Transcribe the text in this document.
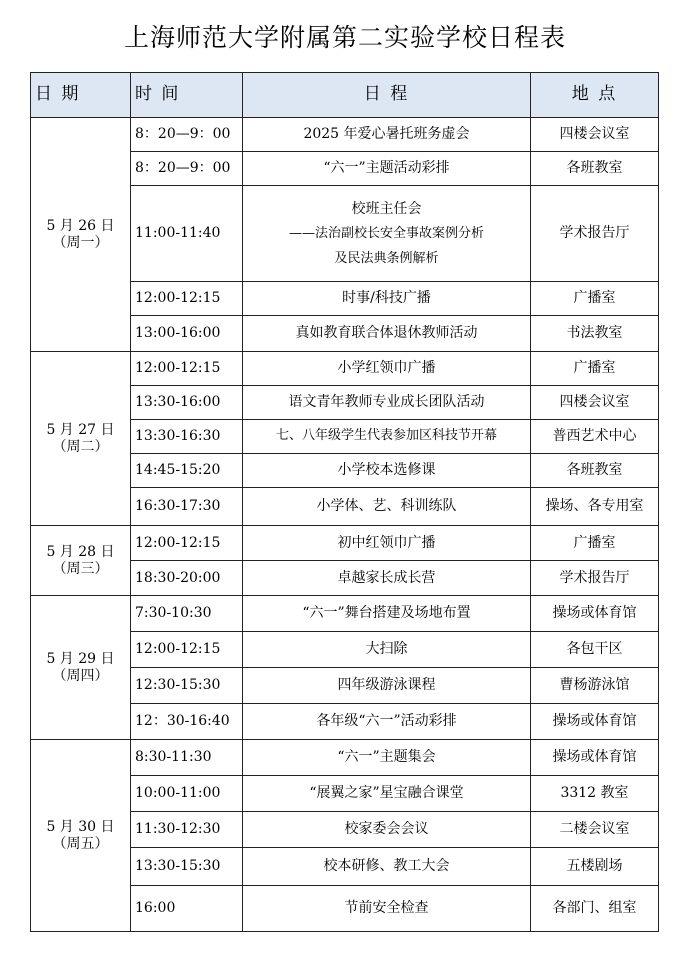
上海师范大学附属第二实验学校日程表
日 期	时 间	日 程	地 点

5 月 26 日
（周一）	8：20—9：00	2025 年爱心暑托班务虚会	四楼会议室
	8：20—9：00	“六一”主题活动彩排	各班教室
	11:00-11:40	校班主任会
——法治副校长安全事故案例分析
及民法典条例解析	学术报告厅
	12:00-12:15	时事/科技广播	广播室
	13:00-16:00	真如教育联合体退休教师活动	书法教室

5 月 27 日
（周二）	12:00-12:15	小学红领巾广播	广播室
	13:30-16:00	语文青年教师专业成长团队活动	四楼会议室
	13:30-16:30	七、八年级学生代表参加区科技节开幕	普西艺术中心
	14:45-15:20	小学校本选修课	各班教室
	16:30-17:30	小学体、艺、科训练队	操场、各专用室

5 月 28 日
（周三）	12:00-12:15	初中红领巾广播	广播室
	18:30-20:00	卓越家长成长营	学术报告厅

5 月 29 日
（周四）	7:30-10:30	“六一”舞台搭建及场地布置	操场或体育馆
	12:00-12:15	大扫除	各包干区
	12:30-15:30	四年级游泳课程	曹杨游泳馆
	12：30-16:40	各年级“六一”活动彩排	操场或体育馆

5 月 30 日
（周五）	8:30-11:30	“六一”主题集会	操场或体育馆
	10:00-11:00	“展翼之家”星宝融合课堂	3312 教室
	11:30-12:30	校家委会会议	二楼会议室
	13:30-15:30	校本研修、教工大会	五楼剧场
	16:00	节前安全检查	各部门、组室
